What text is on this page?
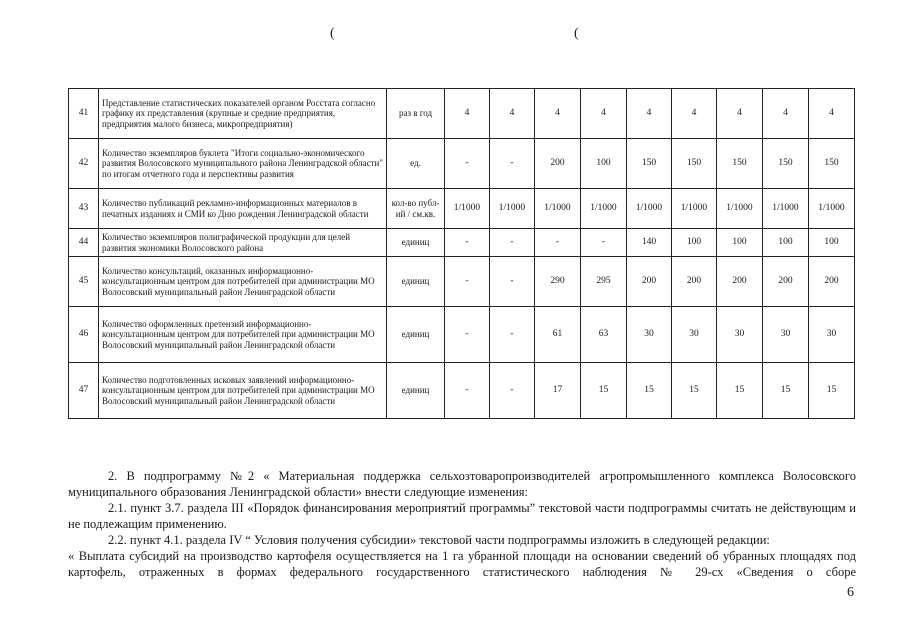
(	(
41	Представление статистических показателей органом Росстата согласно графику их представления (крупные и средние предприятия, предприятия малого бизнеса, микропредприятия)	раз в год	4	4	4	4	4	4	4	4	4
42	Количество экземпляров буклета "Итоги социально-экономического развития Волосовского муниципального района Ленинградской области" по итогам отчетного года и перспективы развития	ед.	-	-	200	100	150	150	150	150	150
43	Количество публикаций рекламно-информационных материалов в печатных изданиях и СМИ ко Дню рождения Ленинградской области	кол-во публ-ий / см.кв.	1/1000	1/1000	1/1000	1/1000	1/1000	1/1000	1/1000	1/1000	1/1000
44	Количество экземпляров полиграфической продукции для целей развития экономики Волосовского района	единиц	-	-	-	-	140	100	100	100	100
45	Количество консультаций, оказанных информационно-консультационным центром для потребителей при администрации МО Волосовский муниципальный район Ленинградской области	единиц	-	-	290	295	200	200	200	200	200
46	Количество оформленных претензий информационно-консультационным центром для потребителей при администрации МО Волосовский муниципальный район Ленинградской области	единиц	-	-	61	63	30	30	30	30	30
47	Количество подготовленных исковых заявлений информационно-консультационным центром для потребителей при администрации МО Волосовский муниципальный район Ленинградской области	единиц	-	-	17	15	15	15	15	15	15

2. В подпрограмму №2 « Материальная поддержка сельхозтоваропроизводителей агропромышленного комплекса Волосовского муниципального образования Ленинградской области» внести следующие изменения:

2.1. пункт 3.7. раздела III «Порядок финансирования мероприятий программы” текстовой части подпрограммы считать не действующим и не подлежащим применению.

2.2. пункт 4.1. раздела IV “ Условия получения субсидии» текстовой части подпрограммы изложить в следующей редакции:

« Выплата субсидий на производство картофеля осуществляется на 1 га убранной площади на основании сведений об убранных площадях под картофель, отраженных в формах федерального государственного статистического наблюдения № 29-сх «Сведения о сборе

6
